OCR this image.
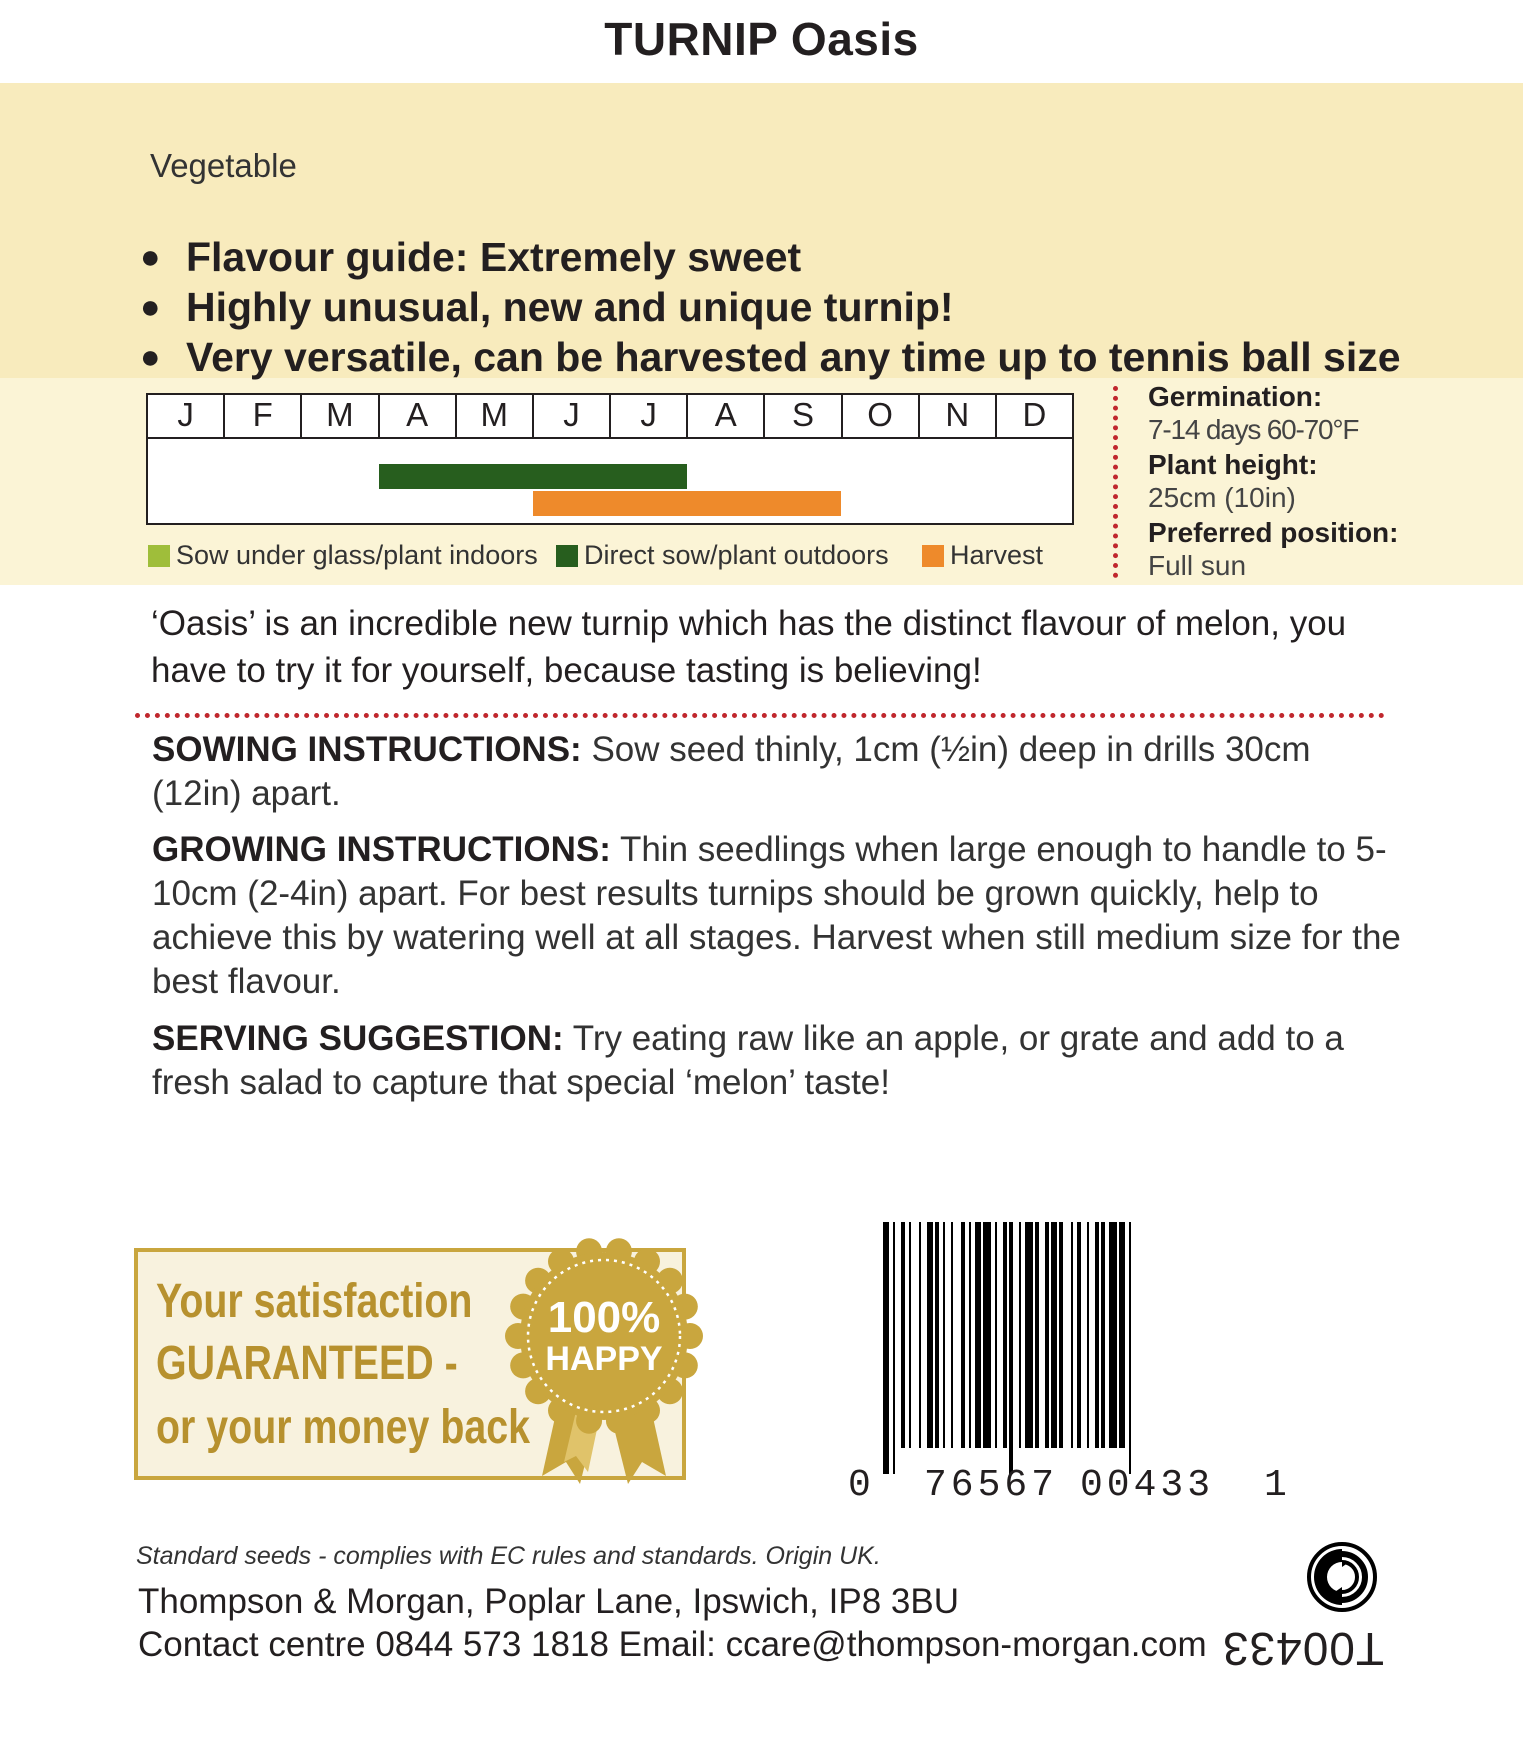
TURNIP Oasis
Vegetable
● Flavour guide: Extremely sweet
● Highly unusual, new and unique turnip!
● Very versatile, can be harvested any time up to tennis ball size
J	F	M	A	M	J	J	A	S	O	N	D
Sow under glass/plant indoors Direct sow/plant outdoors Harvest
Germination:
7-14 days 60-70°F
Plant height:
25cm (10in)
Preferred position:
Full sun
‘Oasis’ is an incredible new turnip which has the distinct flavour of melon, you have to try it for yourself, because tasting is believing!
SOWING INSTRUCTIONS: Sow seed thinly, 1cm (½in) deep in drills 30cm (12in) apart.
GROWING INSTRUCTIONS: Thin seedlings when large enough to handle to 5-10cm (2-4in) apart. For best results turnips should be grown quickly, help to achieve this by watering well at all stages. Harvest when still medium size for the best flavour.
SERVING SUGGESTION: Try eating raw like an apple, or grate and add to a fresh salad to capture that special ‘melon’ taste!
Your satisfaction
GUARANTEED -
or your money back
100%
HAPPY
0 76567 00433 1
Standard seeds - complies with EC rules and standards. Origin UK.
Thompson & Morgan, Poplar Lane, Ipswich, IP8 3BU
Contact centre 0844 573 1818 Email: ccare@thompson-morgan.com T00433
